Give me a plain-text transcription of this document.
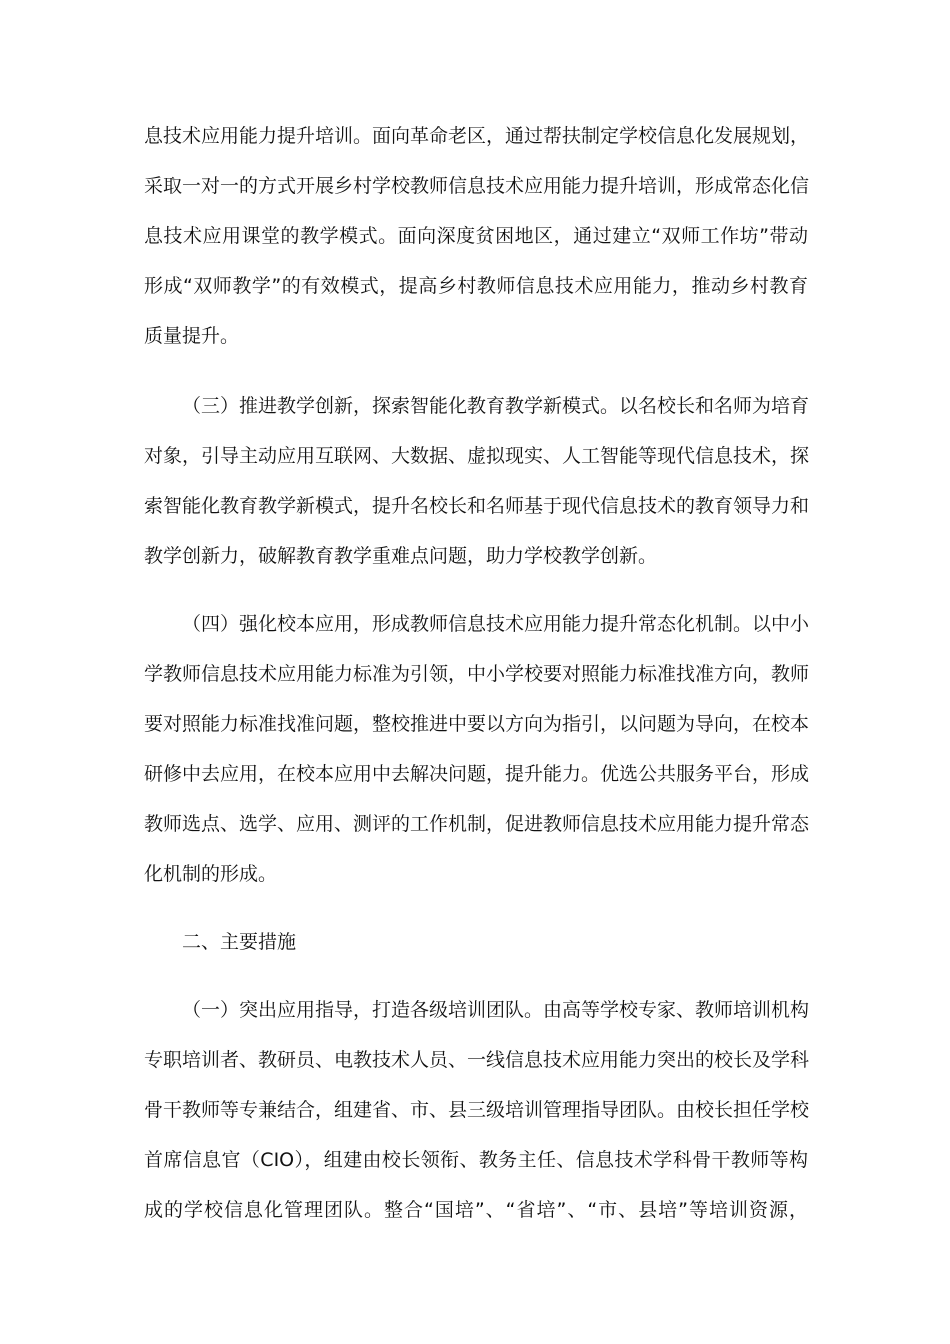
息技术应用能力提升培训。面向革命老区，通过帮扶制定学校信息化发展规划，
采取一对一的方式开展乡村学校教师信息技术应用能力提升培训，形成常态化信
息技术应用课堂的教学模式。面向深度贫困地区，通过建立“双师工作坊”带动
形成“双师教学”的有效模式，提高乡村教师信息技术应用能力，推动乡村教育
质量提升。
（三）推进教学创新，探索智能化教育教学新模式。以名校长和名师为培育
对象，引导主动应用互联网、大数据、虚拟现实、人工智能等现代信息技术，探
索智能化教育教学新模式，提升名校长和名师基于现代信息技术的教育领导力和
教学创新力，破解教育教学重难点问题，助力学校教学创新。
（四）强化校本应用，形成教师信息技术应用能力提升常态化机制。以中小
学教师信息技术应用能力标准为引领，中小学校要对照能力标准找准方向，教师
要对照能力标准找准问题，整校推进中要以方向为指引，以问题为导向，在校本
研修中去应用，在校本应用中去解决问题，提升能力。优选公共服务平台，形成
教师选点、选学、应用、测评的工作机制，促进教师信息技术应用能力提升常态
化机制的形成。
二、主要措施
（一）突出应用指导，打造各级培训团队。由高等学校专家、教师培训机构
专职培训者、教研员、电教技术人员、一线信息技术应用能力突出的校长及学科
骨干教师等专兼结合，组建省、市、县三级培训管理指导团队。由校长担任学校
首席信息官（CIO），组建由校长领衔、教务主任、信息技术学科骨干教师等构
成的学校信息化管理团队。整合“国培”、“省培”、“市、县培”等培训资源，
